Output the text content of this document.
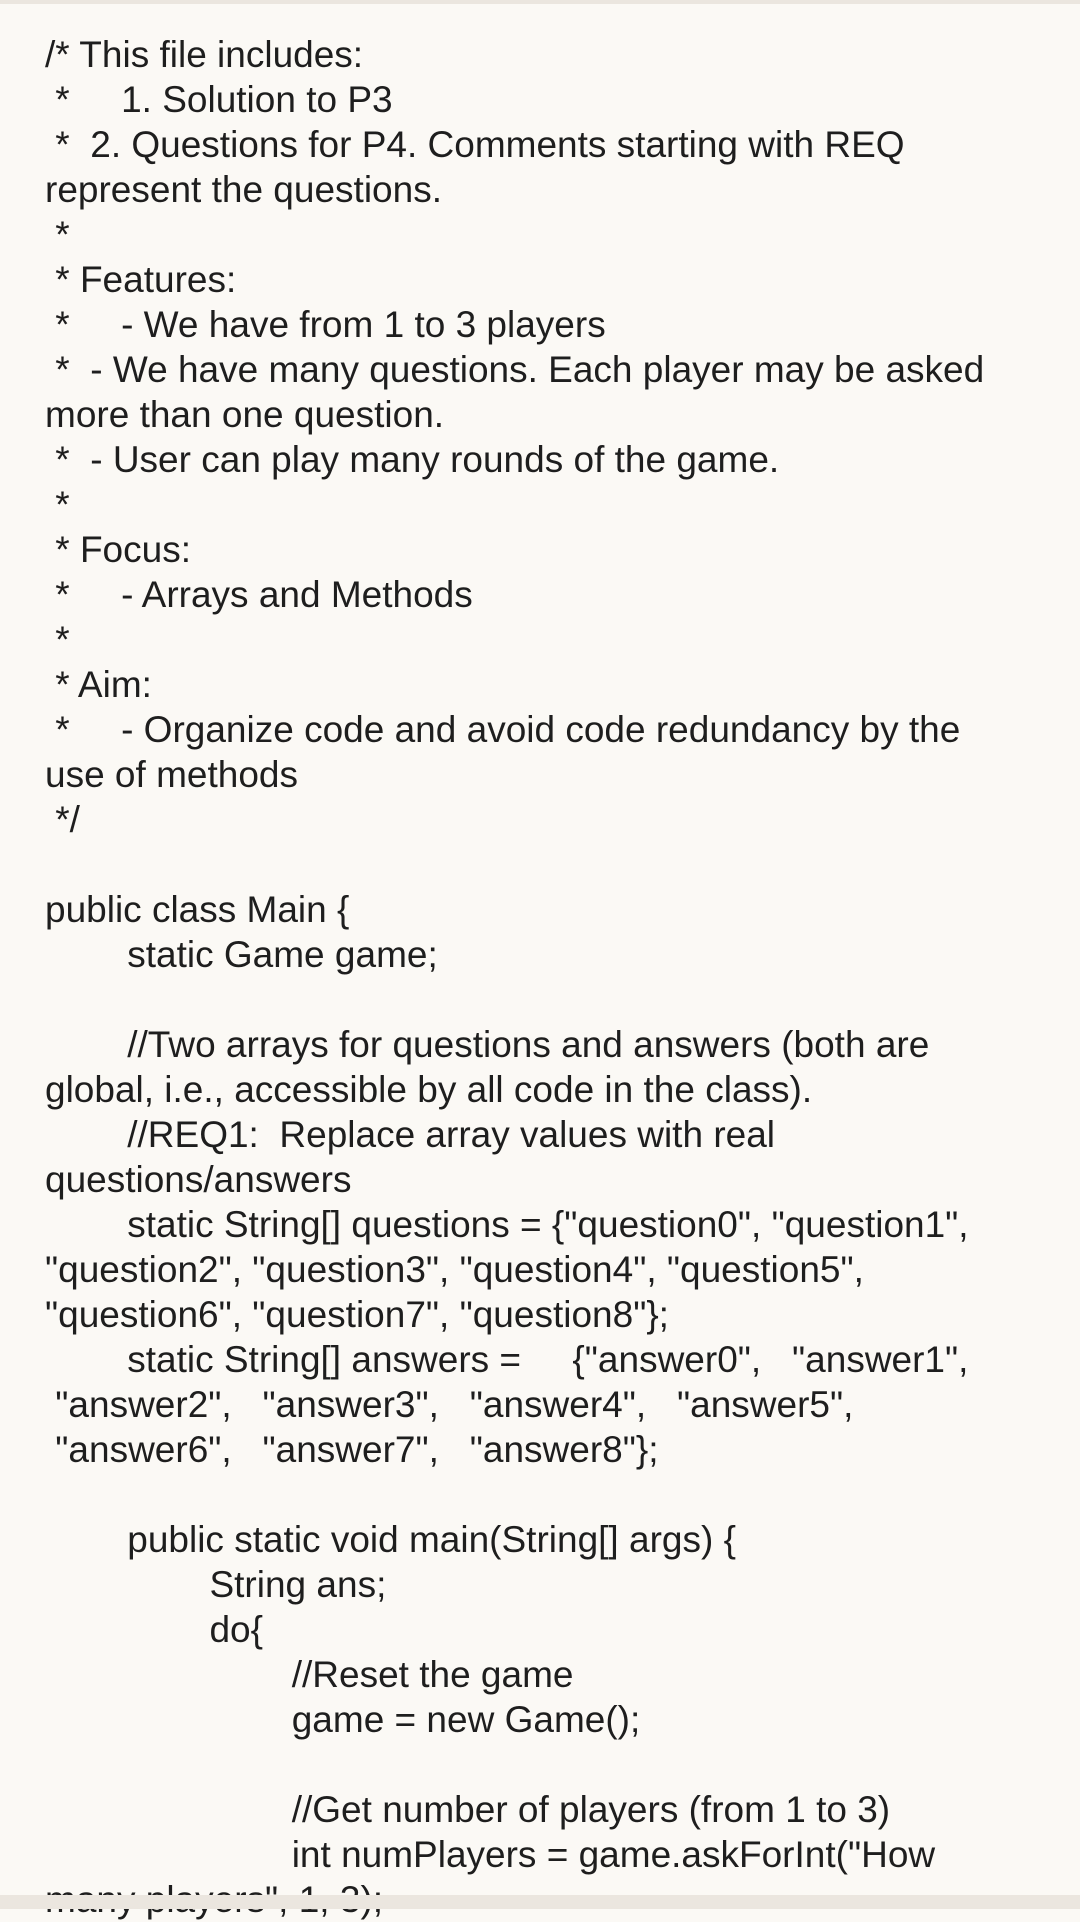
/* This file includes:
*     1. Solution to P3
*  2. Questions for P4. Comments starting with REQ
represent the questions.
*
* Features:
*     - We have from 1 to 3 players
*  - We have many questions. Each player may be asked
more than one question.
*  - User can play many rounds of the game.
*
* Focus:
*     - Arrays and Methods
*
* Aim:
*     - Organize code and avoid code redundancy by the
use of methods
*/
public class Main {
static Game game;
//Two arrays for questions and answers (both are
global, i.e., accessible by all code in the class).
//REQ1:  Replace array values with real
questions/answers
static String[] questions = {"question0", "question1",
"question2", "question3", "question4", "question5",
"question6", "question7", "question8"};
static String[] answers =     {"answer0",   "answer1",
"answer2",   "answer3",   "answer4",   "answer5",
"answer6",   "answer7",   "answer8"};
public static void main(String[] args) {
String ans;
do{
//Reset the game
game = new Game();
//Get number of players (from 1 to 3)
int numPlayers = game.askForInt("How
